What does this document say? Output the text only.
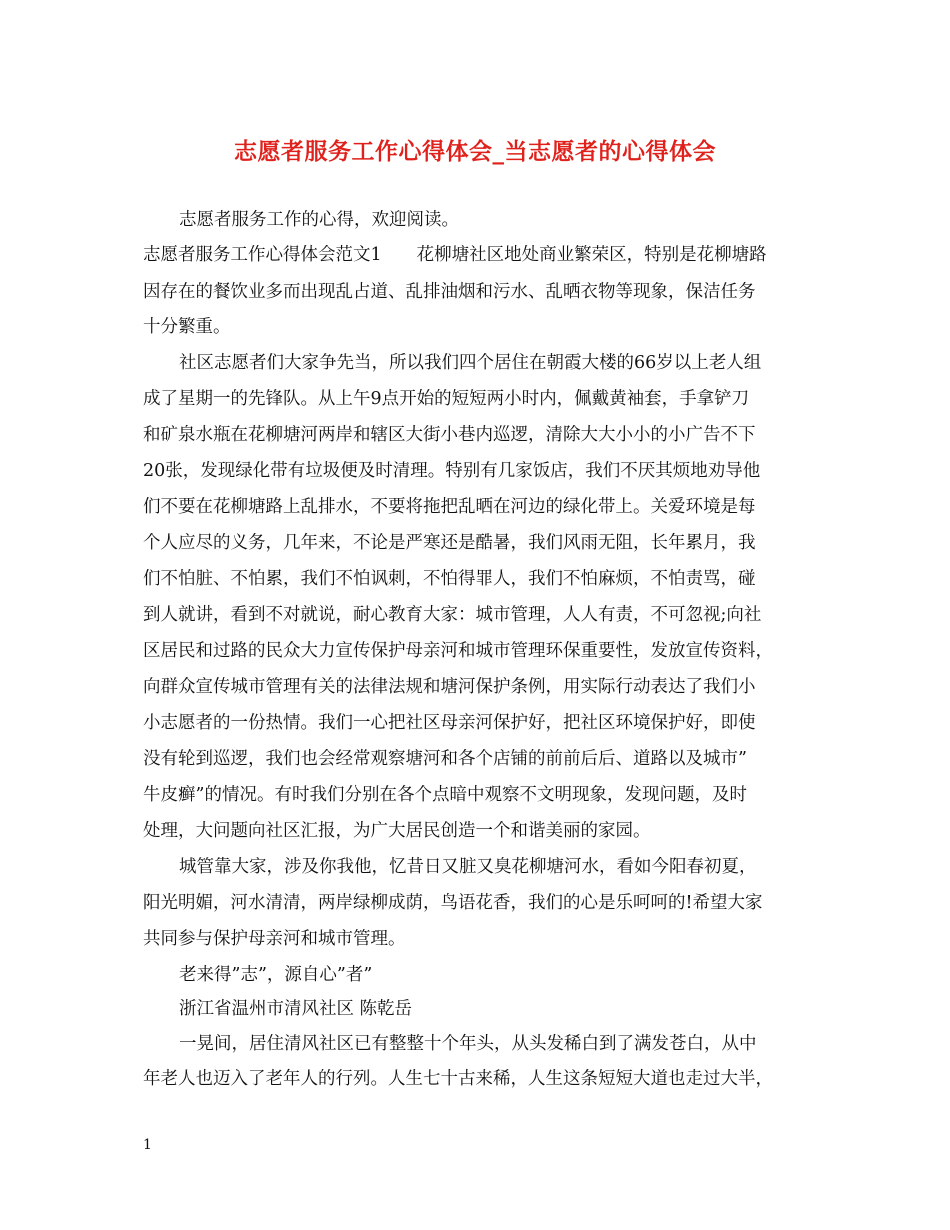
志愿者服务工作心得体会_当志愿者的心得体会

志愿者服务工作的心得，欢迎阅读。

志愿者服务工作心得体会范文1　　花柳塘社区地处商业繁荣区，特别是花柳塘路

因存在的餐饮业多而出现乱占道、乱排油烟和污水、乱晒衣物等现象，保洁任务

十分繁重。

社区志愿者们大家争先当，所以我们四个居住在朝霞大楼的66岁以上老人组

成了星期一的先锋队。从上午9点开始的短短两小时内，佩戴黄袖套，手拿铲刀

和矿泉水瓶在花柳塘河两岸和辖区大街小巷内巡逻，清除大大小小的小广告不下

20张，发现绿化带有垃圾便及时清理。特别有几家饭店，我们不厌其烦地劝导他

们不要在花柳塘路上乱排水，不要将拖把乱晒在河边的绿化带上。关爱环境是每

个人应尽的义务，几年来，不论是严寒还是酷暑，我们风雨无阻，长年累月，我

们不怕脏、不怕累，我们不怕讽刺，不怕得罪人，我们不怕麻烦，不怕责骂，碰

到人就讲，看到不对就说，耐心教育大家：城市管理，人人有责，不可忽视;向社

区居民和过路的民众大力宣传保护母亲河和城市管理环保重要性，发放宣传资料，

向群众宣传城市管理有关的法律法规和塘河保护条例，用实际行动表达了我们小

小志愿者的一份热情。我们一心把社区母亲河保护好，把社区环境保护好，即使

没有轮到巡逻，我们也会经常观察塘河和各个店铺的前前后后、道路以及城市”

牛皮癣”的情况。有时我们分别在各个点暗中观察不文明现象，发现问题，及时

处理，大问题向社区汇报，为广大居民创造一个和谐美丽的家园。

城管靠大家，涉及你我他，忆昔日又脏又臭花柳塘河水，看如今阳春初夏，

阳光明媚，河水清清，两岸绿柳成荫，鸟语花香，我们的心是乐呵呵的!希望大家

共同参与保护母亲河和城市管理。

老来得”志”，源自心”者”

浙江省温州市清风社区 陈乾岳

一晃间，居住清风社区已有整整十个年头，从头发稀白到了满发苍白，从中

年老人也迈入了老年人的行列。人生七十古来稀，人生这条短短大道也走过大半，

1
